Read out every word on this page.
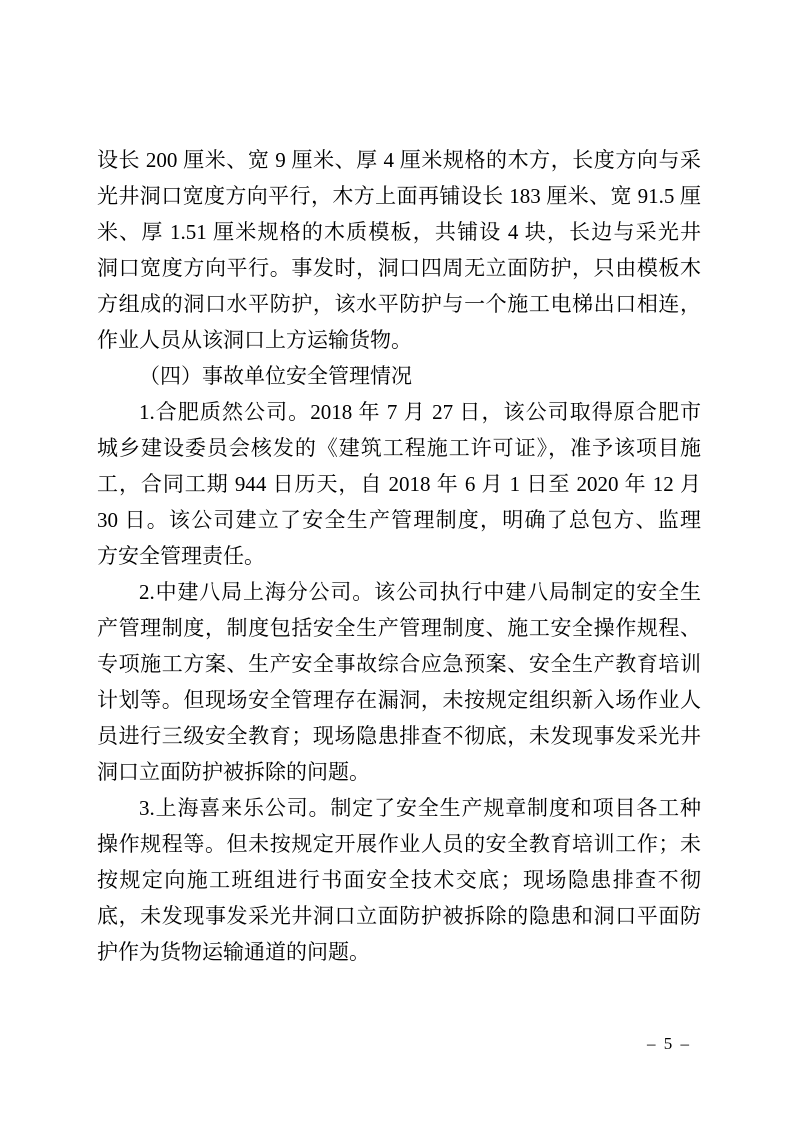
设长 200 厘米、宽 9 厘米、厚 4 厘米规格的木方，长度方向与采
光井洞口宽度方向平行，木方上面再铺设长 183 厘米、宽 91.5 厘
米、厚 1.51 厘米规格的木质模板，共铺设 4 块，长边与采光井
洞口宽度方向平行。事发时，洞口四周无立面防护，只由模板木
方组成的洞口水平防护，该水平防护与一个施工电梯出口相连，
作业人员从该洞口上方运输货物。
（四）事故单位安全管理情况
1.合肥质然公司。2018 年 7 月 27 日，该公司取得原合肥市
城乡建设委员会核发的《建筑工程施工许可证》，准予该项目施
工，合同工期 944 日历天，自 2018 年 6 月 1 日至 2020 年 12 月
30 日。该公司建立了安全生产管理制度，明确了总包方、监理
方安全管理责任。
2.中建八局上海分公司。该公司执行中建八局制定的安全生
产管理制度，制度包括安全生产管理制度、施工安全操作规程、
专项施工方案、生产安全事故综合应急预案、安全生产教育培训
计划等。但现场安全管理存在漏洞，未按规定组织新入场作业人
员进行三级安全教育；现场隐患排查不彻底，未发现事发采光井
洞口立面防护被拆除的问题。
3.上海喜来乐公司。制定了安全生产规章制度和项目各工种
操作规程等。但未按规定开展作业人员的安全教育培训工作；未
按规定向施工班组进行书面安全技术交底；现场隐患排查不彻
底，未发现事发采光井洞口立面防护被拆除的隐患和洞口平面防
护作为货物运输通道的问题。
– 5 –
